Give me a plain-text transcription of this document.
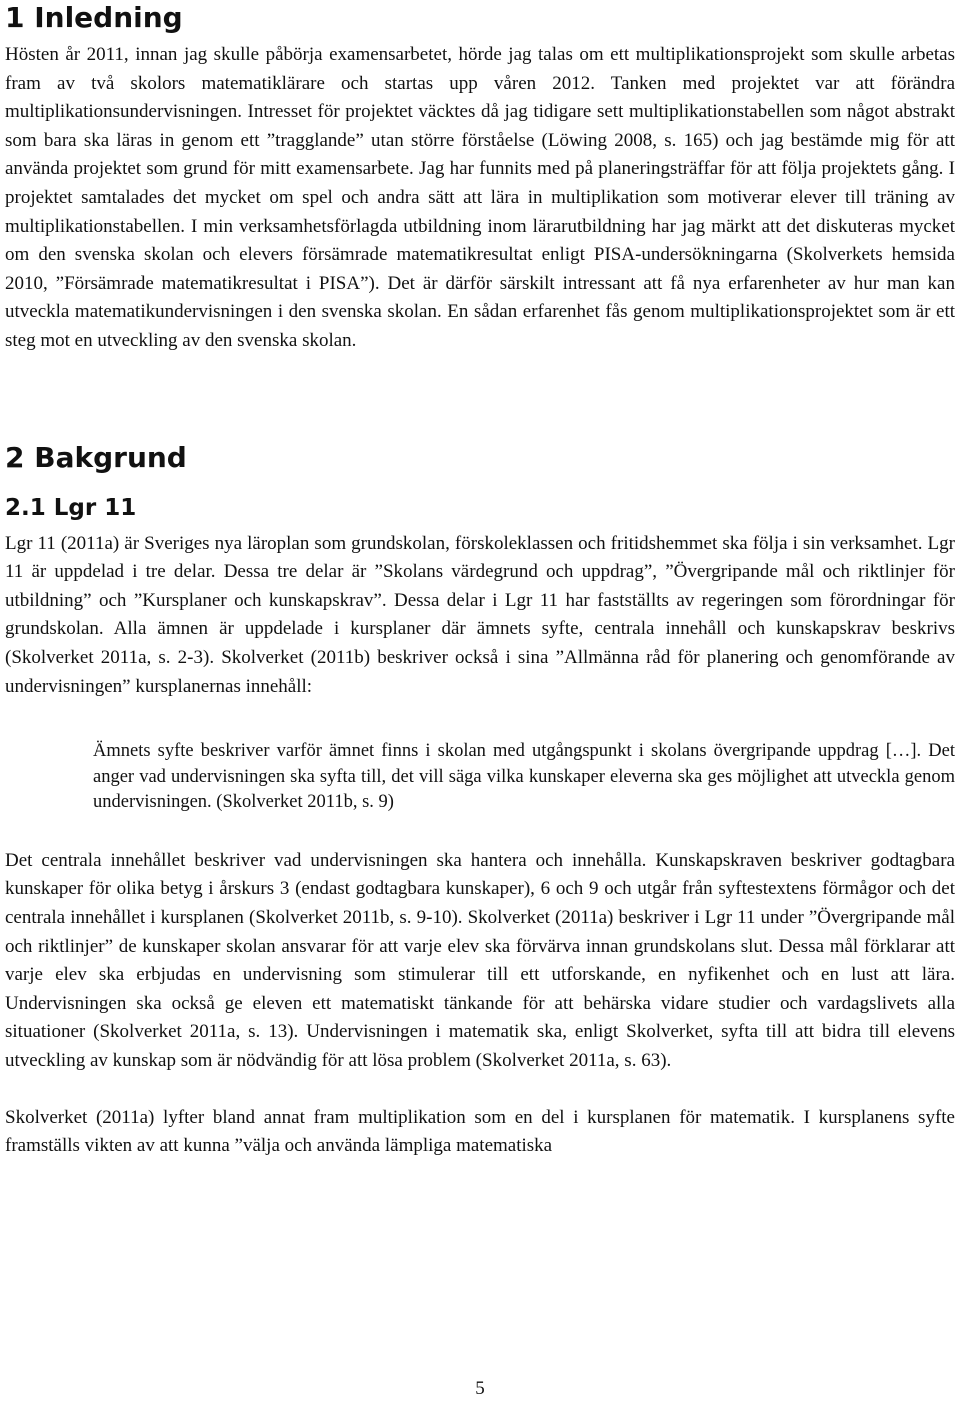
1 Inledning

Hösten år 2011, innan jag skulle påbörja examensarbetet, hörde jag talas om ett multiplikationsprojekt som skulle arbetas fram av två skolors matematiklärare och startas upp våren 2012. Tanken med projektet var att förändra multiplikationsundervisningen. Intresset för projektet väcktes då jag tidigare sett multiplikationstabellen som något abstrakt som bara ska läras in genom ett ”tragglande” utan större förståelse (Löwing 2008, s. 165) och jag bestämde mig för att använda projektet som grund för mitt examensarbete. Jag har funnits med på planeringsträffar för att följa projektets gång. I projektet samtalades det mycket om spel och andra sätt att lära in multiplikation som motiverar elever till träning av multiplikationstabellen. I min verksamhetsförlagda utbildning inom lärarutbildning har jag märkt att det diskuteras mycket om den svenska skolan och elevers försämrade matematikresultat enligt PISA-undersökningarna (Skolverkets hemsida 2010, ”Försämrade matematikresultat i PISA”). Det är därför särskilt intressant att få nya erfarenheter av hur man kan utveckla matematikundervisningen i den svenska skolan. En sådan erfarenhet fås genom multiplikationsprojektet som är ett steg mot en utveckling av den svenska skolan.

2 Bakgrund
2.1 Lgr 11

Lgr 11 (2011a) är Sveriges nya läroplan som grundskolan, förskoleklassen och fritidshemmet ska följa i sin verksamhet. Lgr 11 är uppdelad i tre delar. Dessa tre delar är ”Skolans värdegrund och uppdrag”, ”Övergripande mål och riktlinjer för utbildning” och ”Kursplaner och kunskapskrav”. Dessa delar i Lgr 11 har fastställts av regeringen som förordningar för grundskolan. Alla ämnen är uppdelade i kursplaner där ämnets syfte, centrala innehåll och kunskapskrav beskrivs (Skolverket 2011a, s. 2-3). Skolverket (2011b) beskriver också i sina ”Allmänna råd för planering och genomförande av undervisningen” kursplanernas innehåll:

Ämnets syfte beskriver varför ämnet finns i skolan med utgångspunkt i skolans övergripande uppdrag […]. Det anger vad undervisningen ska syfta till, det vill säga vilka kunskaper eleverna ska ges möjlighet att utveckla genom undervisningen. (Skolverket 2011b, s. 9)

Det centrala innehållet beskriver vad undervisningen ska hantera och innehålla. Kunskapskraven beskriver godtagbara kunskaper för olika betyg i årskurs 3 (endast godtagbara kunskaper), 6 och 9 och utgår från syftestextens förmågor och det centrala innehållet i kursplanen (Skolverket 2011b, s. 9-10). Skolverket (2011a) beskriver i Lgr 11 under ”Övergripande mål och riktlinjer” de kunskaper skolan ansvarar för att varje elev ska förvärva innan grundskolans slut. Dessa mål förklarar att varje elev ska erbjudas en undervisning som stimulerar till ett utforskande, en nyfikenhet och en lust att lära. Undervisningen ska också ge eleven ett matematiskt tänkande för att behärska vidare studier och vardagslivets alla situationer (Skolverket 2011a, s. 13). Undervisningen i matematik ska, enligt Skolverket, syfta till att bidra till elevens utveckling av kunskap som är nödvändig för att lösa problem (Skolverket 2011a, s. 63).

Skolverket (2011a) lyfter bland annat fram multiplikation som en del i kursplanen för matematik. I kursplanens syfte framställs vikten av att kunna ”välja och använda lämpliga matematiska

5
